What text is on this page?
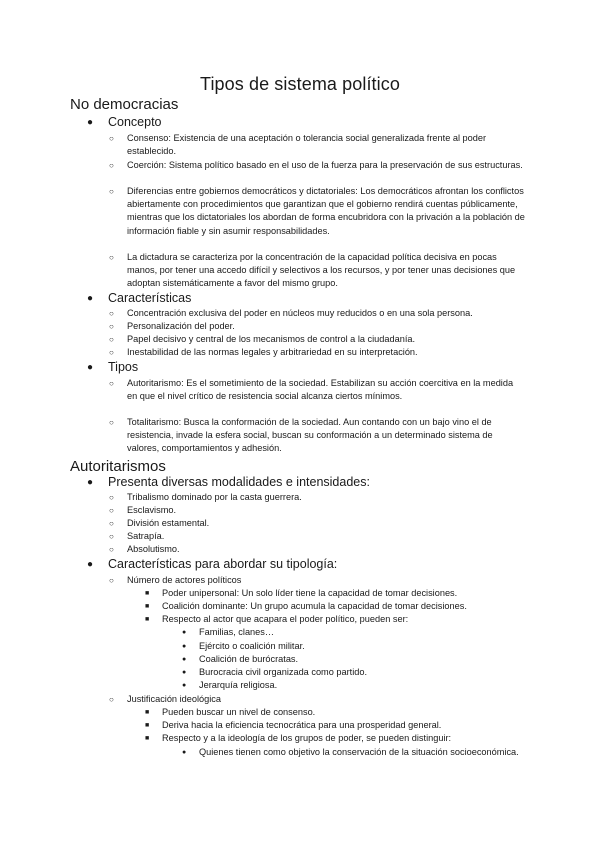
Tipos de sistema político
No democracias
● Concepto
○ Consenso: Existencia de una aceptación o tolerancia social generalizada frente al poder establecido.
○ Coerción: Sistema político basado en el uso de la fuerza para la preservación de sus estructuras.
○ Diferencias entre gobiernos democráticos y dictatoriales: Los democráticos afrontan los conflictos abiertamente con procedimientos que garantizan que el gobierno rendirá cuentas públicamente, mientras que los dictatoriales los abordan de forma encubridora con la privación a la población de información fiable y sin asumir responsabilidades.
○ La dictadura se caracteriza por la concentración de la capacidad política decisiva en pocas manos, por tener una accedo difícil y selectivos a los recursos, y por tener unas decisiones que adoptan sistemáticamente a favor del mismo grupo.
● Características
○ Concentración exclusiva del poder en núcleos muy reducidos o en una sola persona.
○ Personalización del poder.
○ Papel decisivo y central de los mecanismos de control a la ciudadanía.
○ Inestabilidad de las normas legales y arbitrariedad en su interpretación.
● Tipos
○ Autoritarismo: Es el sometimiento de la sociedad. Estabilizan su acción coercitiva en la medida en que el nivel crítico de resistencia social alcanza ciertos mínimos.
○ Totalitarismo: Busca la conformación de la sociedad. Aun contando con un bajo vino el de resistencia, invade la esfera social, buscan su conformación a un determinado sistema de valores, comportamientos y adhesión.
Autoritarismos
● Presenta diversas modalidades e intensidades:
○ Tribalismo dominado por la casta guerrera.
○ Esclavismo.
○ División estamental.
○ Satrapía.
○ Absolutismo.
● Características para abordar su tipología:
○ Número de actores políticos
■ Poder unipersonal: Un solo líder tiene la capacidad de tomar decisiones.
■ Coalición dominante: Un grupo acumula la capacidad de tomar decisiones.
■ Respecto al actor que acapara el poder político, pueden ser:
● Familias, clanes…
● Ejército o coalición militar.
● Coalición de burócratas.
● Burocracia civil organizada como partido.
● Jerarquía religiosa.
○ Justificación ideológica
■ Pueden buscar un nivel de consenso.
■ Deriva hacia la eficiencia tecnocrática para una prosperidad general.
■ Respecto y a la ideología de los grupos de poder, se pueden distinguir:
● Quienes tienen como objetivo la conservación de la situación socioeconómica.
